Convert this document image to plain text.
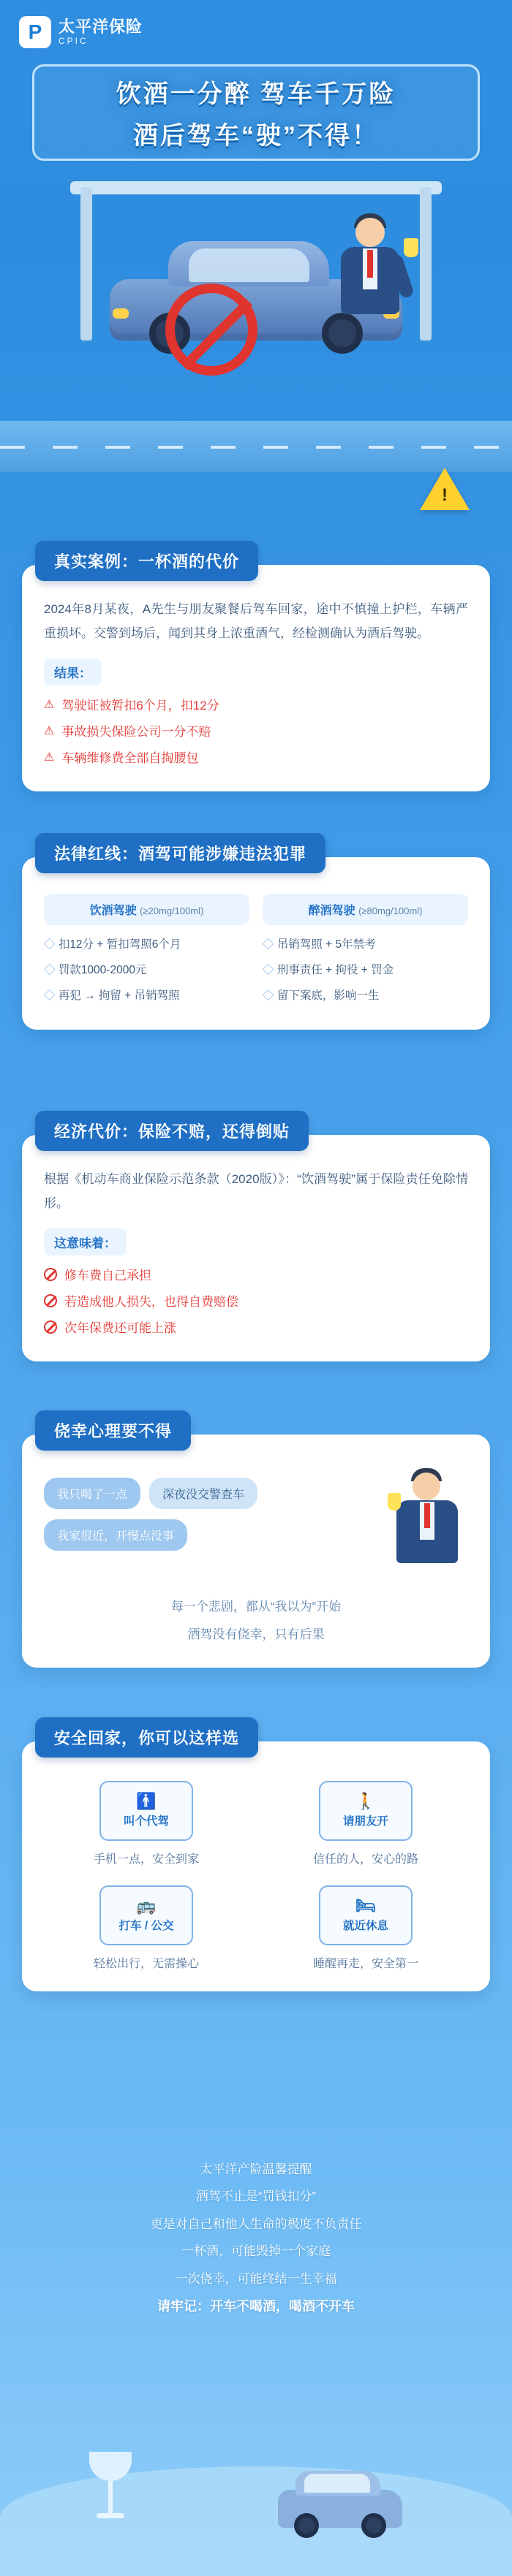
P	太平洋保险
CPIC
饮酒一分醉 驾车千万险
酒后驾车“驶”不得！
!
真实案例：一杯酒的代价
2024年8月某夜，A先生与朋友聚餐后驾车回家，途中不慎撞上护栏，车辆严重损坏。交警到场后，闻到其身上浓重酒气，经检测确认为酒后驾驶。
结果：
⚠ 驾驶证被暂扣6个月，扣12分
⚠ 事故损失保险公司一分不赔
⚠ 车辆维修费全部自掏腰包
法律红线：酒驾可能涉嫌违法犯罪
饮酒驾驶 (≥20mg/100ml)
◇ 扣12分 + 暂扣驾照6个月
◇ 罚款1000-2000元
◇ 再犯 → 拘留 + 吊销驾照
醉酒驾驶 (≥80mg/100ml)
◇ 吊销驾照 + 5年禁考
◇ 刑事责任 + 拘役 + 罚金
◇ 留下案底，影响一生
经济代价：保险不赔，还得倒贴
根据《机动车商业保险示范条款（2020版）》：“饮酒驾驶”属于保险责任免除情形。
这意味着：
修车费自己承担
若造成他人损失，也得自费赔偿
次年保费还可能上涨
侥幸心理要不得
我只喝了一点	深夜没交警查车
我家很近，开慢点没事
每一个悲剧，都从“我以为”开始
酒驾没有侥幸，只有后果
安全回家，你可以这样选
🚹
叫个代驾
手机一点，安全到家
🚶
请朋友开
信任的人，安心的路
🚌
打车 / 公交
轻松出行，无需操心
🛏
就近休息
睡醒再走，安全第一
太平洋产险温馨提醒
酒驾不止是“罚钱扣分”
更是对自己和他人生命的极度不负责任
一杯酒，可能毁掉一个家庭
一次侥幸，可能终结一生幸福
请牢记：开车不喝酒，喝酒不开车
